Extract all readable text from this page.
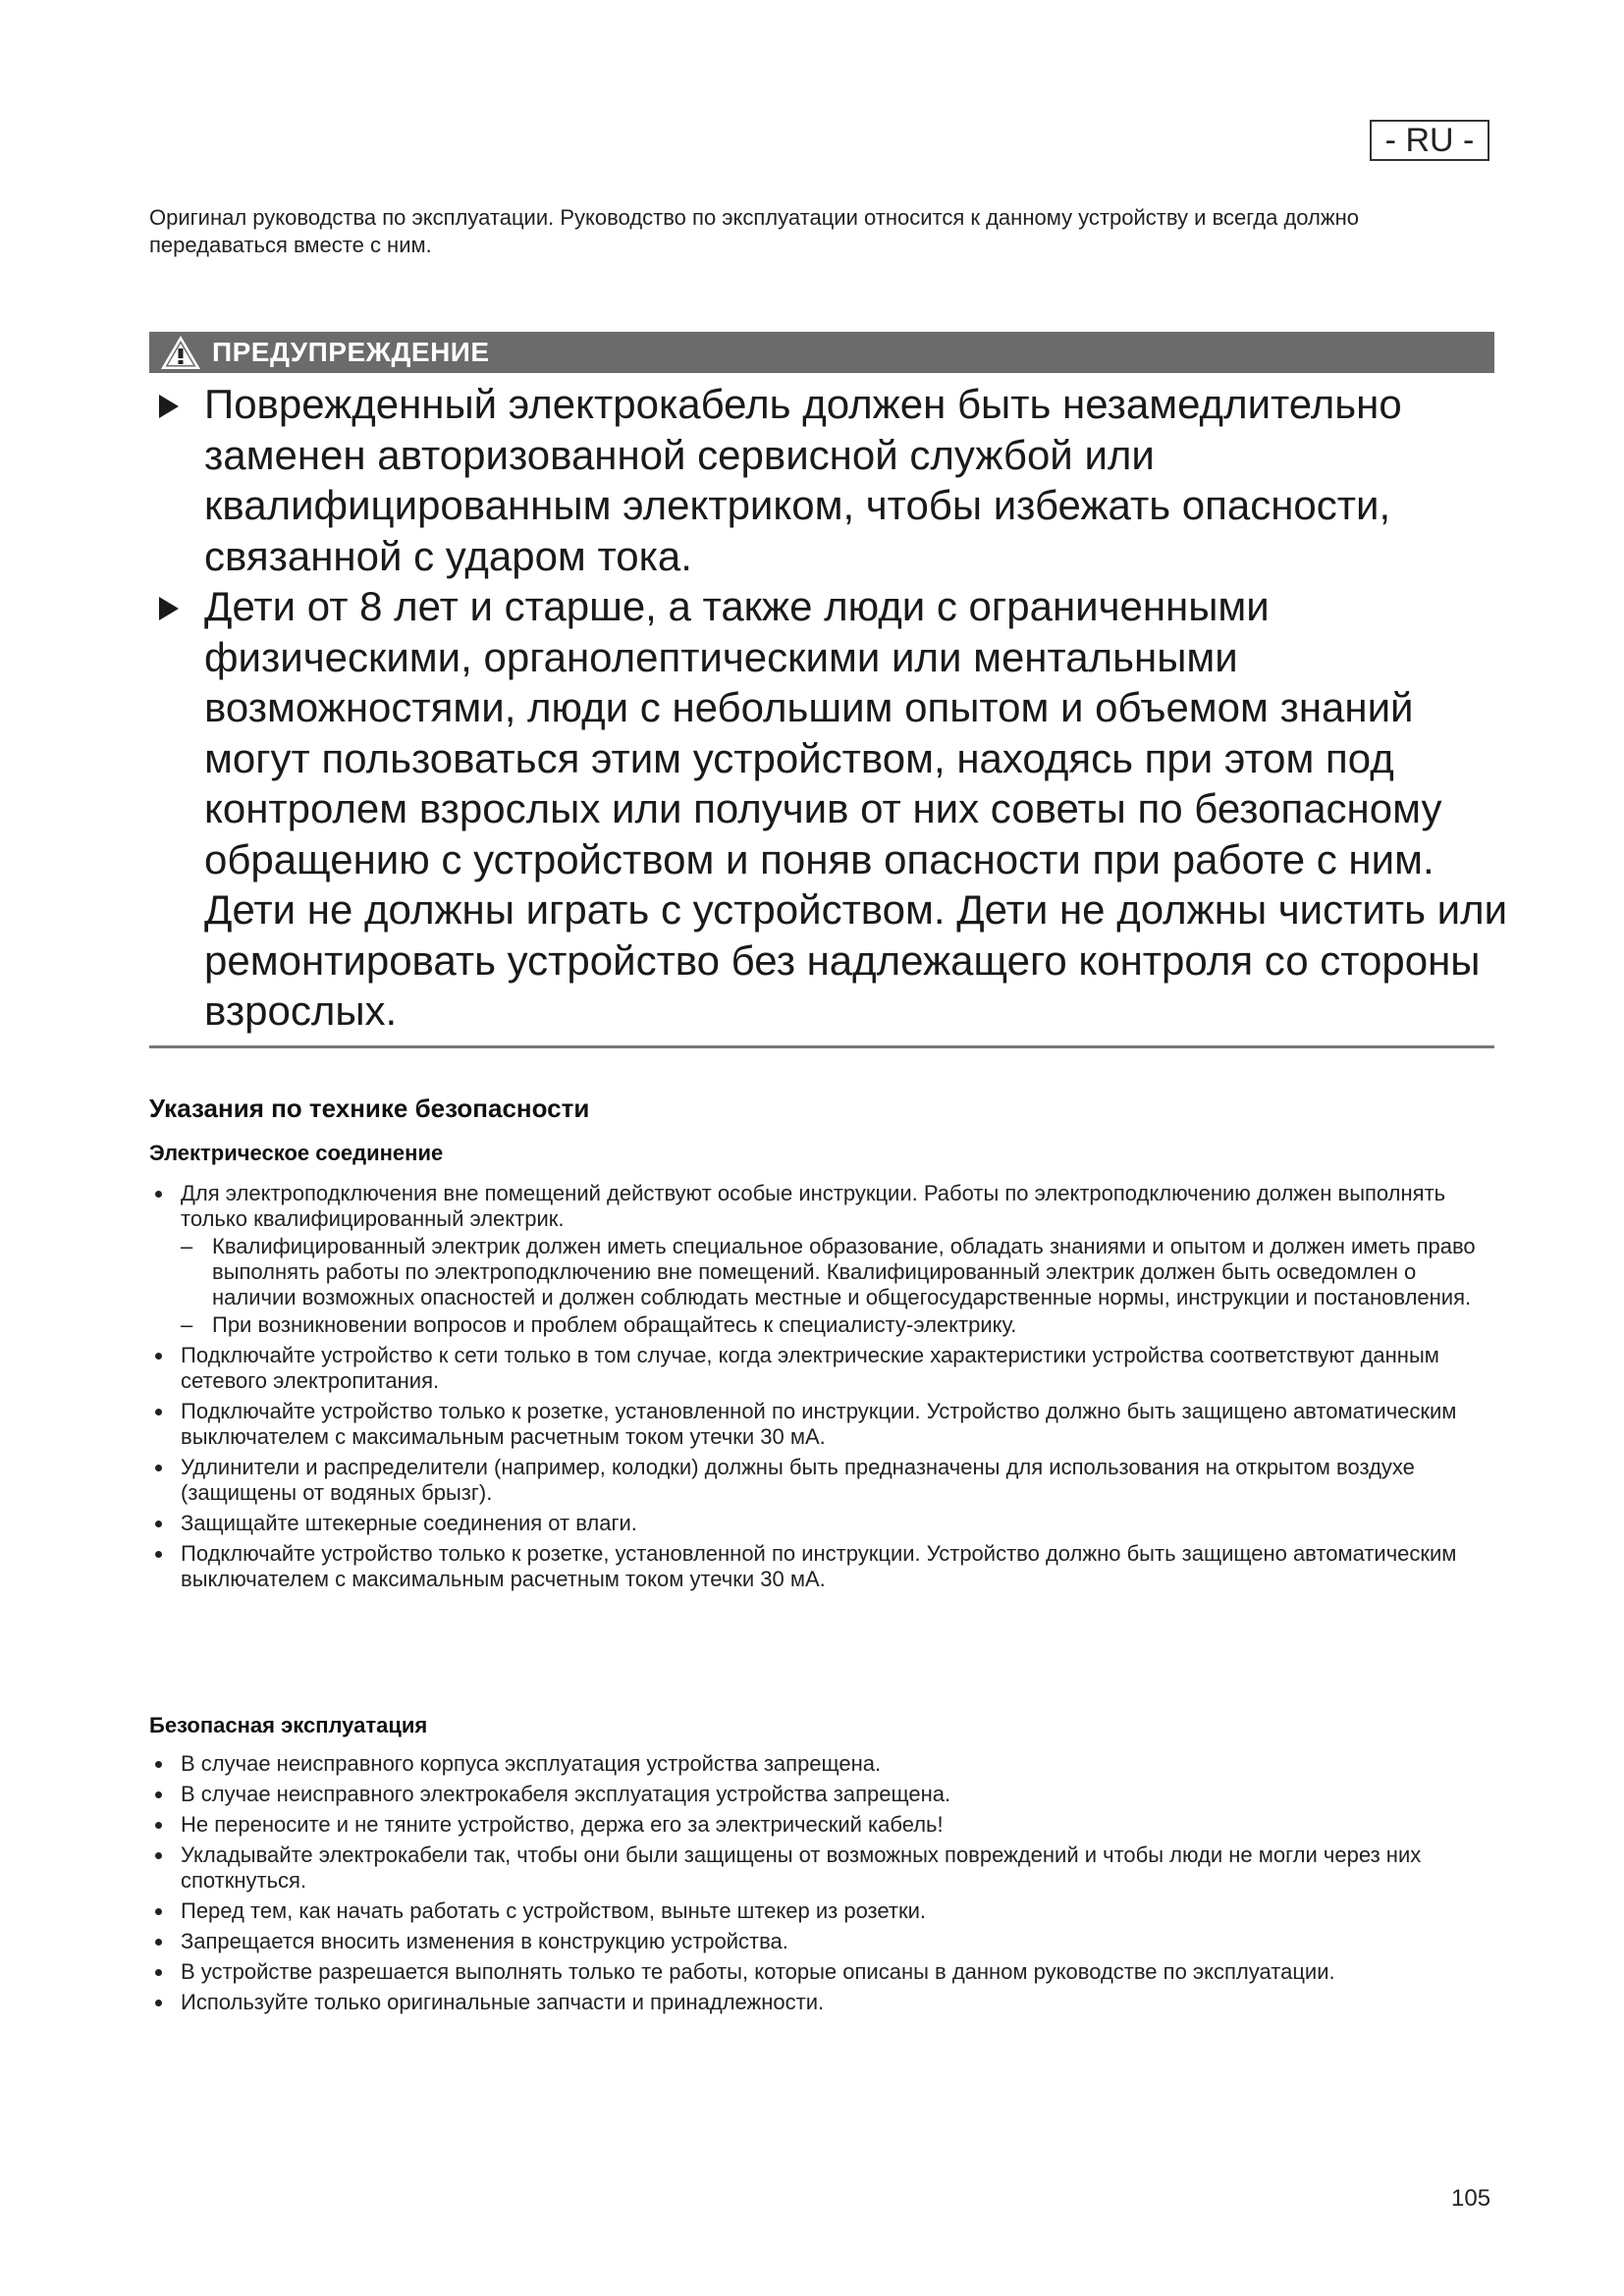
- RU -
Оригинал руководства по эксплуатации. Руководство по эксплуатации относится к данному устройству и всегда должно передаваться вместе с ним.
ПРЕДУПРЕЖДЕНИЕ
Поврежденный электрокабель должен быть незамедлительно заменен авторизованной сервисной службой или квалифицированным электриком, чтобы избежать опасности, связанной с ударом тока.
Дети от 8 лет и старше, а также люди с ограниченными физическими, органолептическими или ментальными возможностями, люди с небольшим опытом и объемом знаний могут пользоваться этим устройством, находясь при этом под контролем взрослых или получив от них советы по безопасному обращению с устройством и поняв опасности при работе с ним. Дети не должны играть с устройством. Дети не должны чистить или ремонтировать устройство без надлежащего контроля со стороны взрослых.
Указания по технике безопасности
Электрическое соединение
Для электроподключения вне помещений действуют особые инструкции. Работы по электроподключению должен выполнять только квалифицированный электрик.
– Квалифицированный электрик должен иметь специальное образование, обладать знаниями и опытом и должен иметь право выполнять работы по электроподключению вне помещений. Квалифицированный электрик должен быть осведомлен о наличии возможных опасностей и должен соблюдать местные и общегосударственные нормы, инструкции и постановления.
– При возникновении вопросов и проблем обращайтесь к специалисту-электрику.
Подключайте устройство к сети только в том случае, когда электрические характеристики устройства соответствуют данным сетевого электропитания.
Подключайте устройство только к розетке, установленной по инструкции. Устройство должно быть защищено автоматическим выключателем с максимальным расчетным током утечки 30 мА.
Удлинители и распределители (например, колодки) должны быть предназначены для использования на открытом воздухе (защищены от водяных брызг).
Защищайте штекерные соединения от влаги.
Подключайте устройство только к розетке, установленной по инструкции. Устройство должно быть защищено автоматическим выключателем с максимальным расчетным током утечки 30 мА.
Безопасная эксплуатация
В случае неисправного корпуса эксплуатация устройства запрещена.
В случае неисправного электрокабеля эксплуатация устройства запрещена.
Не переносите и не тяните устройство, держа его за электрический кабель!
Укладывайте электрокабели так, чтобы они были защищены от возможных повреждений и чтобы люди не могли через них споткнуться.
Перед тем, как начать работать с устройством, выньте штекер из розетки.
Запрещается вносить изменения в конструкцию устройства.
В устройстве разрешается выполнять только те работы, которые описаны в данном руководстве по эксплуатации.
Используйте только оригинальные запчасти и принадлежности.
105
